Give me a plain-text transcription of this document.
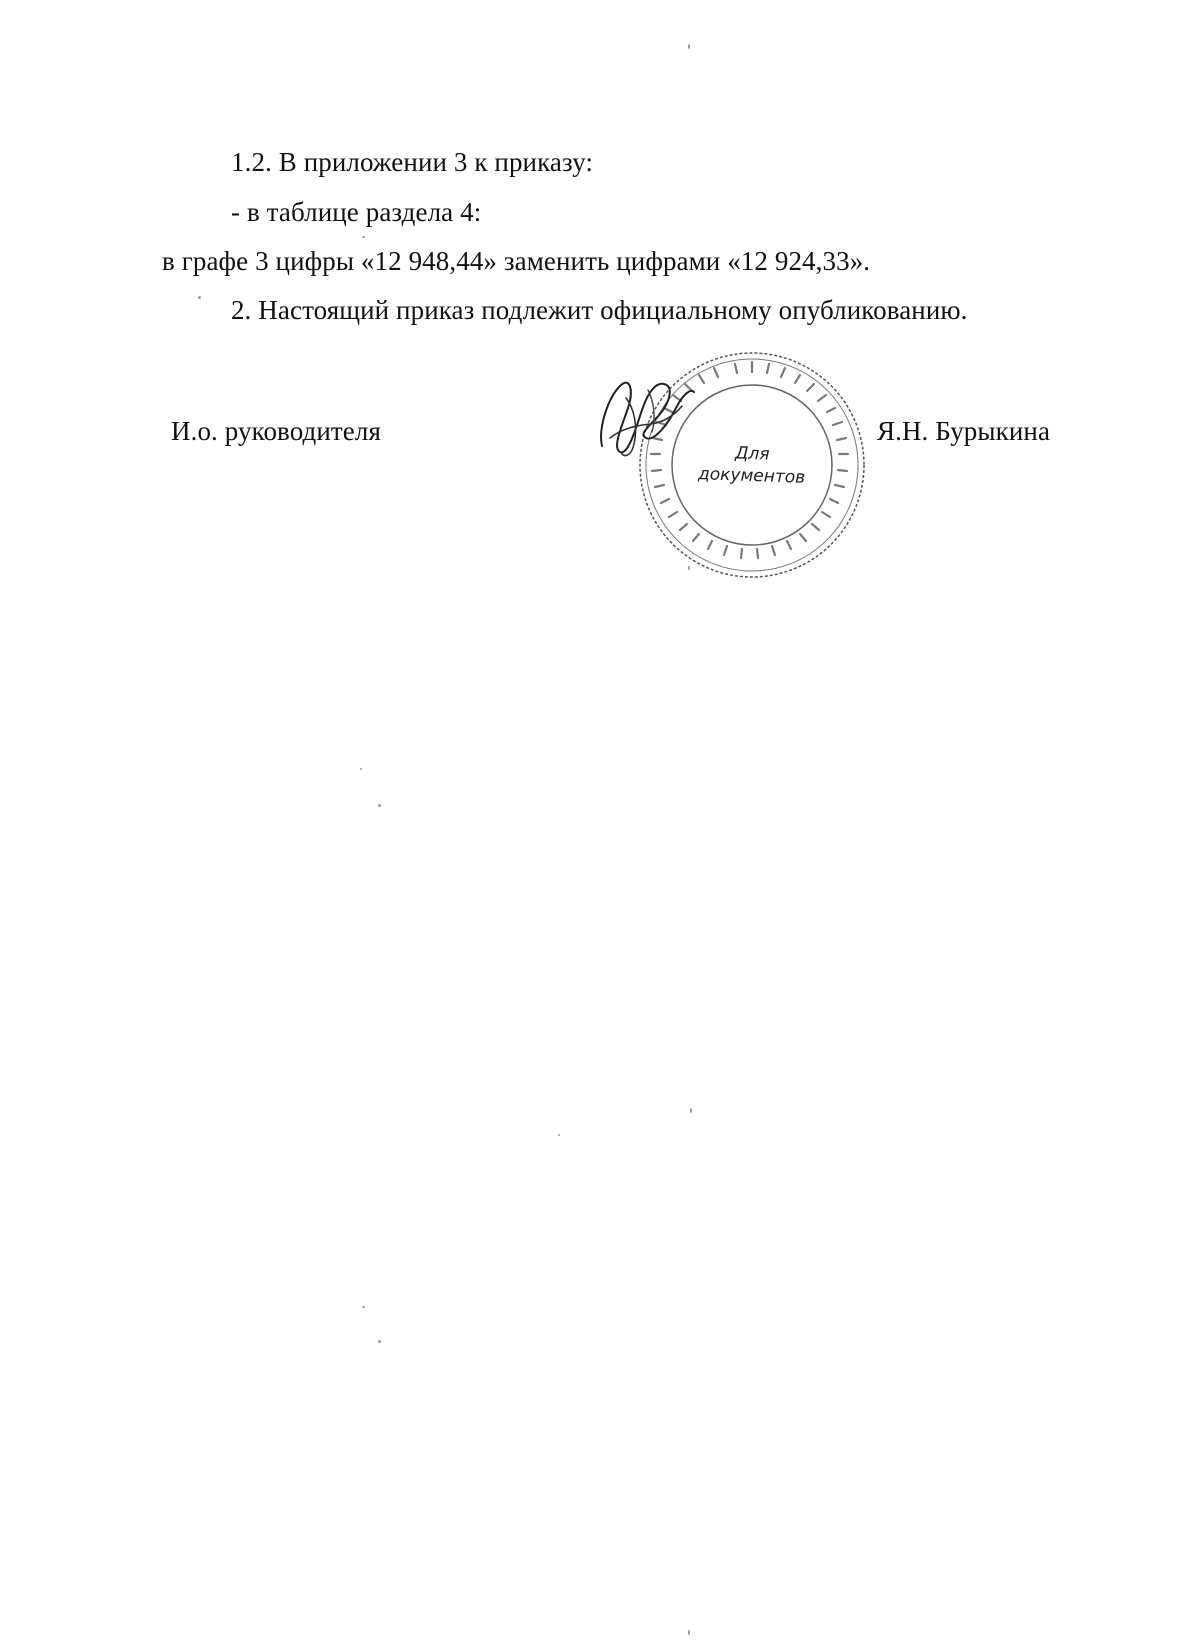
1.2. В приложении 3 к приказу:
- в таблице раздела 4:
в графе 3 цифры «12 948,44» заменить цифрами «12 924,33».
2. Настоящий приказ подлежит официальному опубликованию.
И.о. руководителя	Я.Н. Бурыкина
Для
документов
